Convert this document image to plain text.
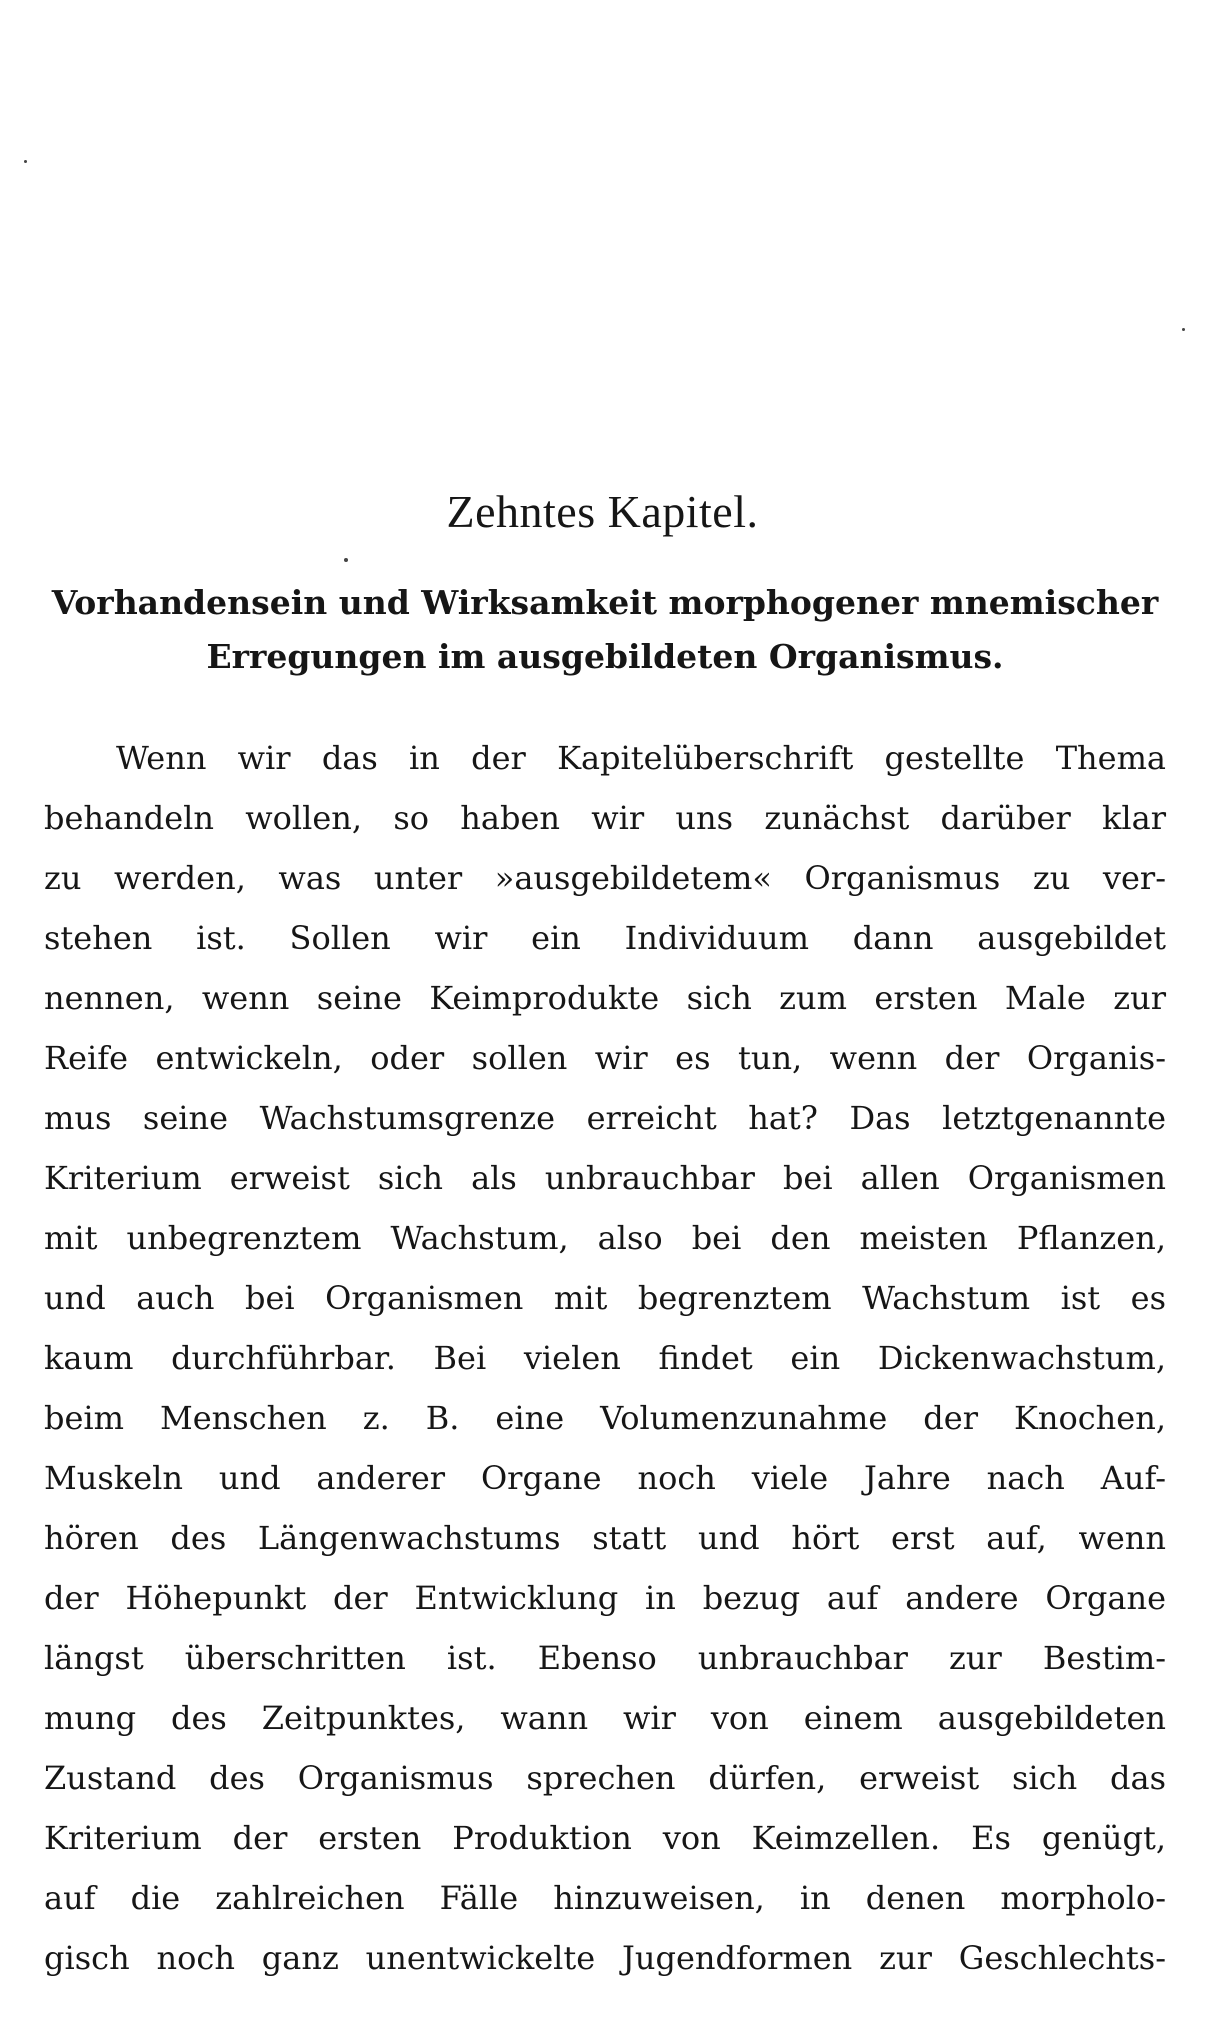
Zehntes Kapitel.
Vorhandensein und Wirksamkeit morphogener mnemischer
Erregungen im ausgebildeten Organismus.
Wenn wir das in der Kapitelüberschrift gestellte Thema
behandeln wollen, so haben wir uns zunächst darüber klar
zu werden, was unter »ausgebildetem« Organismus zu ver-
stehen ist. Sollen wir ein Individuum dann ausgebildet
nennen, wenn seine Keimprodukte sich zum ersten Male zur
Reife entwickeln, oder sollen wir es tun, wenn der Organis-
mus seine Wachstumsgrenze erreicht hat? Das letztgenannte
Kriterium erweist sich als unbrauchbar bei allen Organismen
mit unbegrenztem Wachstum, also bei den meisten Pflanzen,
und auch bei Organismen mit begrenztem Wachstum ist es
kaum durchführbar. Bei vielen findet ein Dickenwachstum,
beim Menschen z. B. eine Volumenzunahme der Knochen,
Muskeln und anderer Organe noch viele Jahre nach Auf-
hören des Längenwachstums statt und hört erst auf, wenn
der Höhepunkt der Entwicklung in bezug auf andere Organe
längst überschritten ist. Ebenso unbrauchbar zur Bestim-
mung des Zeitpunktes, wann wir von einem ausgebildeten
Zustand des Organismus sprechen dürfen, erweist sich das
Kriterium der ersten Produktion von Keimzellen. Es genügt,
auf die zahlreichen Fälle hinzuweisen, in denen morpholo-
gisch noch ganz unentwickelte Jugendformen zur Geschlechts-
